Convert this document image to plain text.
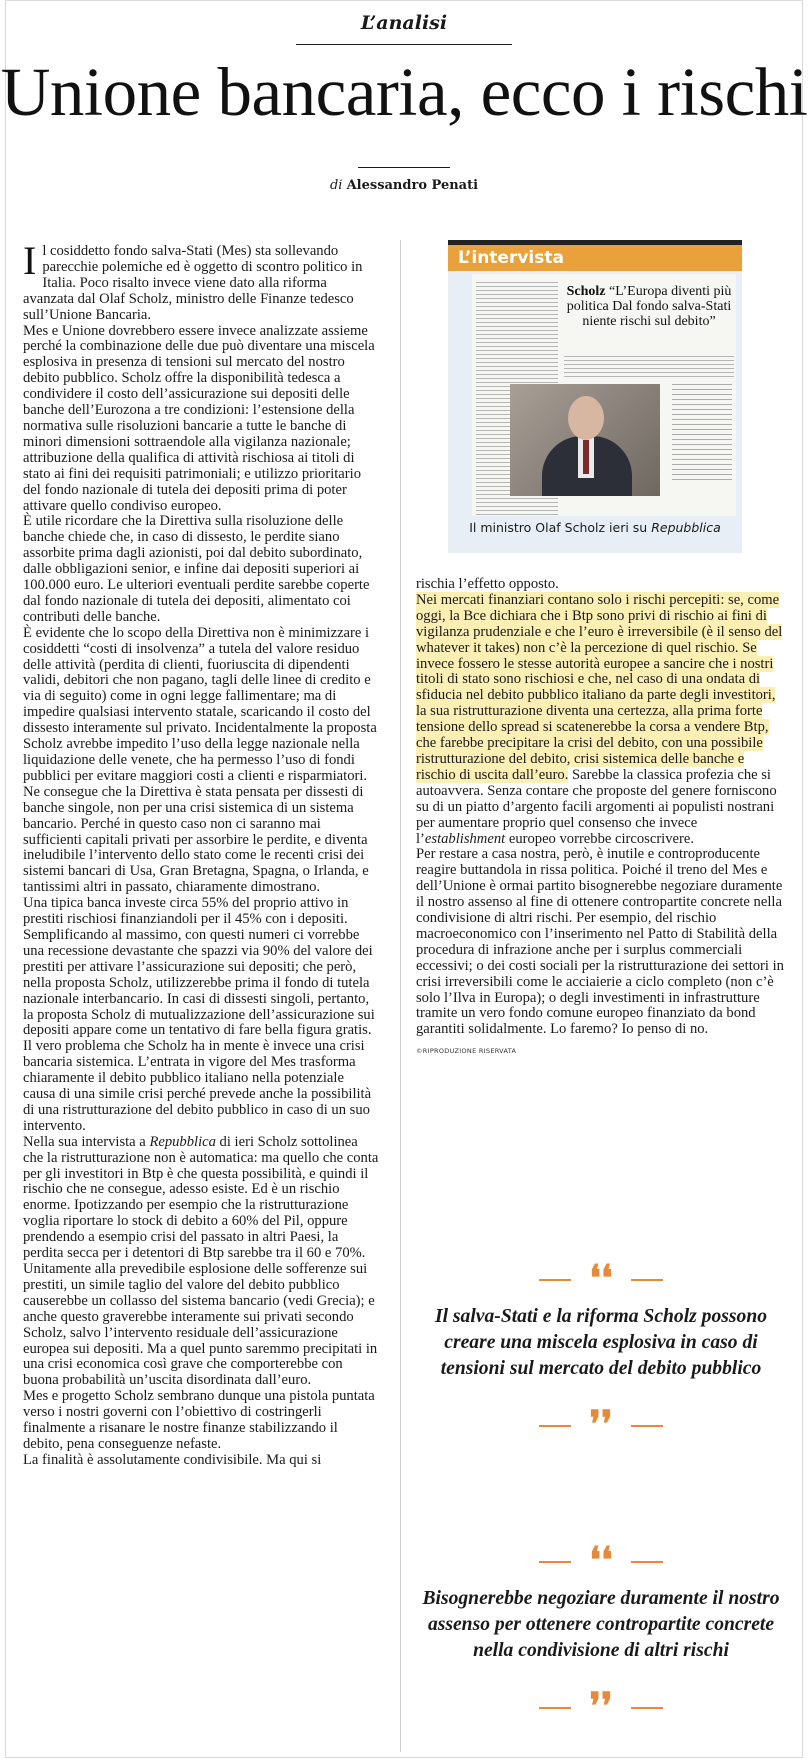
L’analisi
Unione bancaria, ecco i rischi
di Alessandro Penati

Il cosiddetto fondo salva-Stati (Mes) sta sollevando parecchie polemiche ed è oggetto di scontro politico in Italia. Poco risalto invece viene dato alla riforma avanzata dal Olaf Scholz, ministro delle Finanze tedesco sull’Unione Bancaria.

Mes e Unione dovrebbero essere invece analizzate assieme perché la combinazione delle due può diventare una miscela esplosiva in presenza di tensioni sul mercato del nostro debito pubblico. Scholz offre la disponibilità tedesca a condividere il costo dell’assicurazione sui depositi delle banche dell’Eurozona a tre condizioni: l’estensione della normativa sulle risoluzioni bancarie a tutte le banche di minori dimensioni sottraendole alla vigilanza nazionale; attribuzione della qualifica di attività rischiosa ai titoli di stato ai fini dei requisiti patrimoniali; e utilizzo prioritario del fondo nazionale di tutela dei depositi prima di poter attivare quello condiviso europeo.

È utile ricordare che la Direttiva sulla risoluzione delle banche chiede che, in caso di dissesto, le perdite siano assorbite prima dagli azionisti, poi dal debito subordinato, dalle obbligazioni senior, e infine dai depositi superiori ai 100.000 euro. Le ulteriori eventuali perdite sarebbe coperte dal fondo nazionale di tutela dei depositi, alimentato coi contributi delle banche.

È evidente che lo scopo della Direttiva non è minimizzare i cosiddetti “costi di insolvenza” a tutela del valore residuo delle attività (perdita di clienti, fuoriuscita di dipendenti validi, debitori che non pagano, tagli delle linee di credito e via di seguito) come in ogni legge fallimentare; ma di impedire qualsiasi intervento statale, scaricando il costo del dissesto interamente sul privato. Incidentalmente la proposta Scholz avrebbe impedito l’uso della legge nazionale nella liquidazione delle venete, che ha permesso l’uso di fondi pubblici per evitare maggiori costi a clienti e risparmiatori. Ne consegue che la Direttiva è stata pensata per dissesti di banche singole, non per una crisi sistemica di un sistema bancario. Perché in questo caso non ci saranno mai sufficienti capitali privati per assorbire le perdite, e diventa ineludibile l’intervento dello stato come le recenti crisi dei sistemi bancari di Usa, Gran Bretagna, Spagna, o Irlanda, e tantissimi altri in passato, chiaramente dimostrano.

Una tipica banca investe circa 55% del proprio attivo in prestiti rischiosi finanziandoli per il 45% con i depositi. Semplificando al massimo, con questi numeri ci vorrebbe una recessione devastante che spazzi via 90% del valore dei prestiti per attivare l’assicurazione sui depositi; che però, nella proposta Scholz, utilizzerebbe prima il fondo di tutela nazionale interbancario. In casi di dissesti singoli, pertanto, la proposta Scholz di mutualizzazione dell’assicurazione sui depositi appare come un tentativo di fare bella figura gratis. Il vero problema che Scholz ha in mente è invece una crisi bancaria sistemica. L’entrata in vigore del Mes trasforma chiaramente il debito pubblico italiano nella potenziale causa di una simile crisi perché prevede anche la possibilità di una ristrutturazione del debito pubblico in caso di un suo intervento.

Nella sua intervista a Repubblica di ieri Scholz sottolinea che la ristrutturazione non è automatica: ma quello che conta per gli investitori in Btp è che questa possibilità, e quindi il rischio che ne consegue, adesso esiste. Ed è un rischio enorme. Ipotizzando per esempio che la ristrutturazione voglia riportare lo stock di debito a 60% del Pil, oppure prendendo a esempio crisi del passato in altri Paesi, la perdita secca per i detentori di Btp sarebbe tra il 60 e 70%.

Unitamente alla prevedibile esplosione delle sofferenze sui prestiti, un simile taglio del valore del debito pubblico causerebbe un collasso del sistema bancario (vedi Grecia); e anche questo graverebbe interamente sui privati secondo Scholz, salvo l’intervento residuale dell’assicurazione europea sui depositi. Ma a quel punto saremmo precipitati in una crisi economica così grave che comporterebbe con buona probabilità un’uscita disordinata dall’euro.

Mes e progetto Scholz sembrano dunque una pistola puntata verso i nostri governi con l’obiettivo di costringerli finalmente a risanare le nostre finanze stabilizzando il debito, pena conseguenze nefaste.

La finalità è assolutamente condivisibile. Ma qui si

L’intervista
Scholz “L’Europa diventi più politica Dal fondo salva-Stati niente rischi sul debito”
Il ministro Olaf Scholz ieri su Repubblica

rischia l’effetto opposto.

Nei mercati finanziari contano solo i rischi percepiti: se, come oggi, la Bce dichiara che i Btp sono privi di rischio ai fini di vigilanza prudenziale e che l’euro è irreversibile (è il senso del whatever it takes) non c’è la percezione di quel rischio. Se invece fossero le stesse autorità europee a sancire che i nostri titoli di stato sono rischiosi e che, nel caso di una ondata di sfiducia nel debito pubblico italiano da parte degli investitori, la sua ristrutturazione diventa una certezza, alla prima forte tensione dello spread si scatenerebbe la corsa a vendere Btp, che farebbe precipitare la crisi del debito, con una possibile ristrutturazione del debito, crisi sistemica delle banche e rischio di uscita dall’euro. Sarebbe la classica profezia che si autoavvera. Senza contare che proposte del genere forniscono su di un piatto d’argento facili argomenti ai populisti nostrani per aumentare proprio quel consenso che invece l’establishment europeo vorrebbe circoscrivere.

Per restare a casa nostra, però, è inutile e controproducente reagire buttandola in rissa politica. Poiché il treno del Mes e dell’Unione è ormai partito bisognerebbe negoziare duramente il nostro assenso al fine di ottenere contropartite concrete nella condivisione di altri rischi. Per esempio, del rischio macroeconomico con l’inserimento nel Patto di Stabilità della procedura di infrazione anche per i surplus commerciali eccessivi; o dei costi sociali per la ristrutturazione dei settori in crisi irreversibili come le acciaierie a ciclo completo (non c’è solo l’Ilva in Europa); o degli investimenti in infrastrutture tramite un vero fondo comune europeo finanziato da bond garantiti solidalmente. Lo faremo? Io penso di no.

©RIPRODUZIONE RISERVATA
❛❛
Il salva-Stati e la riforma Scholz possono creare una miscela esplosiva in caso di tensioni sul mercato del debito pubblico
❜❜
❛❛
Bisognerebbe negoziare duramente il nostro assenso per ottenere contropartite concrete nella condivisione di altri rischi
❜❜
